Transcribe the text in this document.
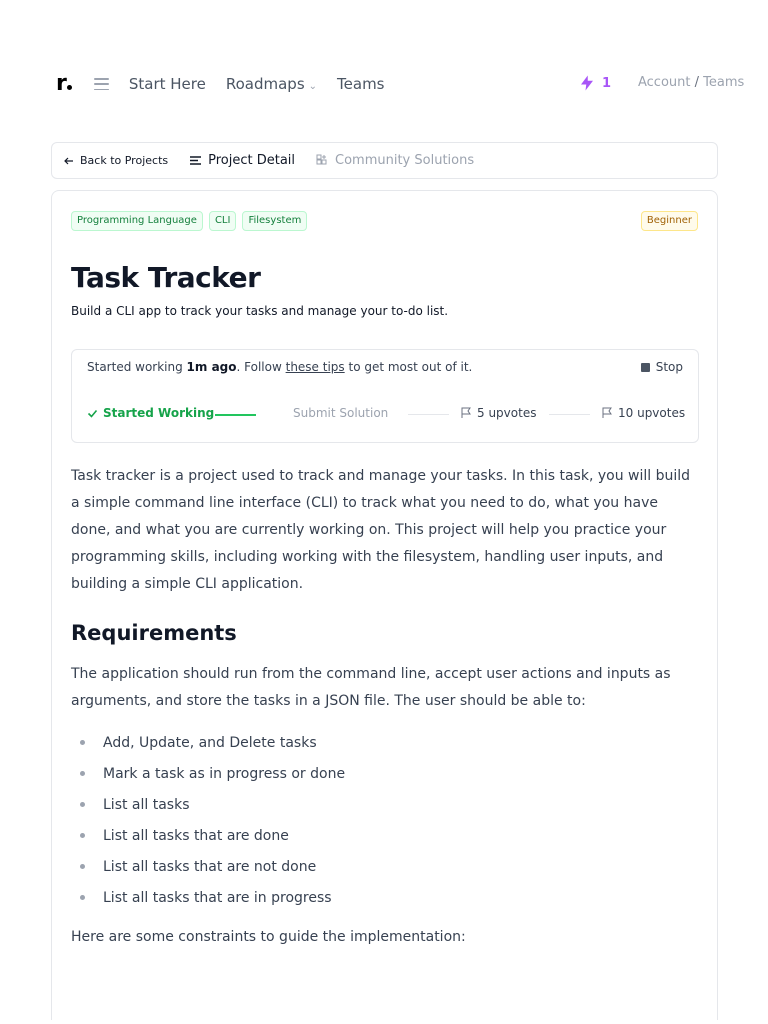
r	Start Here Roadmaps ⌄ Teams	1 Account / Teams
Back to Projects	Project Detail	Community Solutions
Programming Language	CLI	Filesystem	Beginner
Task Tracker

Build a CLI app to track your tasks and manage your to-do list.

Started working 1m ago. Follow these tips to get most out of it.	Stop
Started Working	Submit Solution	5 upvotes	10 upvotes

Task tracker is a project used to track and manage your tasks. In this task, you will build a simple command line interface (CLI) to track what you need to do, what you have done, and what you are currently working on. This project will help you practice your programming skills, including working with the filesystem, handling user inputs, and building a simple CLI application.

Requirements

The application should run from the command line, accept user actions and inputs as arguments, and store the tasks in a JSON file. The user should be able to:

Add, Update, and Delete tasks
Mark a task as in progress or done
List all tasks
List all tasks that are done
List all tasks that are not done
List all tasks that are in progress

Here are some constraints to guide the implementation:
